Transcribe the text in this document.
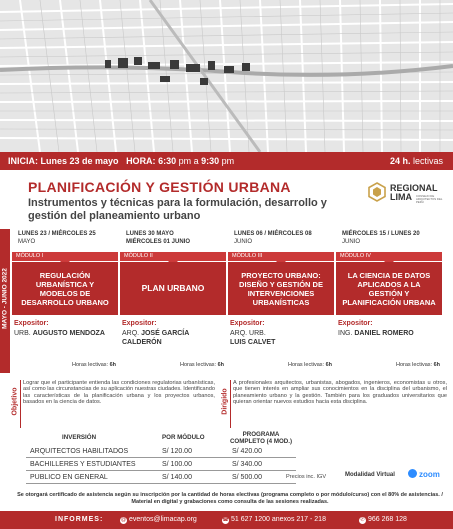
INICIA: Lunes 23 de mayo HORA: 6:30 pm a 9:30 pm	24 h. lectivas
PLANIFICACIÓN Y GESTIÓN URBANA
Instrumentos y técnicas para la formulación, desarrollo y gestión del planeamiento urbano
REGIONAL
LIMA CONSEJO DE ARQUITECTOS DEL PERÚ
MAYO - JUNIO 2022
LUNES 23 / MIÉRCOLES 25
MAYO
MÓDULO I
REGULACIÓN URBANÍSTICA Y MODELOS DE DESARROLLO URBANO
Expositor:
URB. AUGUSTO MENDOZA
Horas lectivas: 6h
LUNES 30 MAYO
MIÉRCOLES 01 JUNIO
MÓDULO II
PLAN URBANO
Expositor:
ARQ. JOSÉ GARCÍA CALDERÓN
Horas lectivas: 6h
LUNES 06 / MIÉRCOLES 08
JUNIO
MÓDULO III
PROYECTO URBANO: DISEÑO Y GESTIÓN DE INTERVENCIONES URBANÍSTICAS
Expositor:
ARQ. URB.
LUIS CALVET
Horas lectivas: 6h
MIÉRCOLES 15 / LUNES 20
JUNIO
MÓDULO IV
LA CIENCIA DE DATOS APLICADOS A LA GESTIÓN Y PLANIFICACIÓN URBANA
Expositor:
ING. DANIEL ROMERO
Horas lectivas: 6h
Objetivo
Lograr que el participante entienda las condiciones regulatorias urbanísticas, así como las circunstancias de su aplicación nuestras ciudades. Identificando las características de la planificación urbana y los proyectos urbanos, basados en la ciencia de datos.	Dirigido
A profesionales arquitectos, urbanistas, abogados, ingenieros, economistas u otros, que tienen interés en ampliar sus conocimientos en la disciplina del urbanismo, el planeamiento urbano y la gestión. También para los graduados universitarios que quieran orientar nuevos estudios hacia esta disciplina.
INVERSIÓN	POR MÓDULO	PROGRAMA
COMPLETO (4 MOD.)
ARQUITECTOS HABILITADOS	S/ 120.00	S/ 420.00
BACHILLERES Y ESTUDIANTES	S/ 100.00	S/ 340.00
PUBLICO EN GENERAL	S/ 140.00	S/ 500.00	Precios inc. IGV	Modalidad Virtual	zoom
Se otorgará certificado de asistencia según su inscripción por la cantidad de horas electivas (programa completo o por módulo/curso) con el 80% de asistencias. / Material en digital y grabaciones como consulta de las sesiones realizadas.
INFORMES:	@ eventos@limacap.org	☎ 51 627 1200 anexos 217 - 218	✆ 966 268 128
